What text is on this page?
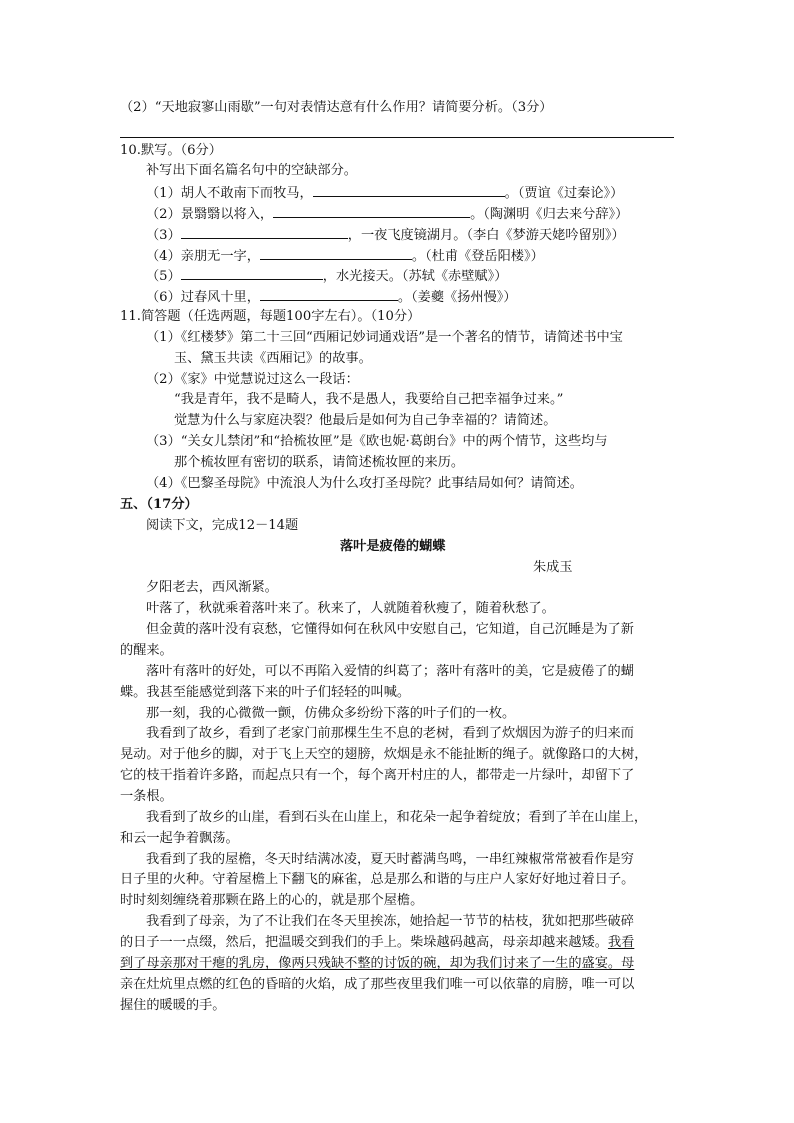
（2）“天地寂寥山雨歇”一句对表情达意有什么作用？请简要分析。（3分）
10.默写。（6分）
补写出下面名篇名句中的空缺部分。
（1）胡人不敢南下而牧马，	。（贾谊《过秦论》）
（2）景翳翳以将入，	。（陶渊明《归去来兮辞》）
（3）	，一夜飞度镜湖月。（李白《梦游天姥吟留别》）
（4）亲朋无一字，	。（杜甫《登岳阳楼》）
（5）	，水光接天。（苏轼《赤壁赋》）
（6）过春风十里，	。（姜夔《扬州慢》）
11.简答题（任选两题，每题100字左右）。（10分）
（1）《红楼梦》第二十三回“西厢记妙词通戏语”是一个著名的情节，请简述书中宝
玉、黛玉共读《西厢记》的故事。
（2）《家》中觉慧说过这么一段话：
“我是青年，我不是畸人，我不是愚人，我要给自己把幸福争过来。”
觉慧为什么与家庭决裂？他最后是如何为自己争幸福的？请简述。
（3）“关女儿禁闭”和“拾梳妆匣”是《欧也妮·葛朗台》中的两个情节，这些均与
那个梳妆匣有密切的联系，请简述梳妆匣的来历。
（4）《巴黎圣母院》中流浪人为什么攻打圣母院？此事结局如何？请简述。
五、（17分）
阅读下文，完成12－14题
落叶是疲倦的蝴蝶
朱成玉
夕阳老去，西风渐紧。
叶落了，秋就乘着落叶来了。秋来了，人就随着秋瘦了，随着秋愁了。
但金黄的落叶没有哀愁，它懂得如何在秋风中安慰自己，它知道，自己沉睡是为了新
的醒来。
落叶有落叶的好处，可以不再陷入爱情的纠葛了；落叶有落叶的美，它是疲倦了的蝴
蝶。我甚至能感觉到落下来的叶子们轻轻的叫喊。
那一刻，我的心微微一颤，仿佛众多纷纷下落的叶子们的一枚。
我看到了故乡，看到了老家门前那棵生生不息的老树，看到了炊烟因为游子的归来而
晃动。对于他乡的脚，对于飞上天空的翅膀，炊烟是永不能扯断的绳子。就像路口的大树，
它的枝干指着许多路，而起点只有一个，每个离开村庄的人，都带走一片绿叶，却留下了
一条根。
我看到了故乡的山崖，看到石头在山崖上，和花朵一起争着绽放；看到了羊在山崖上，
和云一起争着飘荡。
我看到了我的屋檐，冬天时结满冰凌，夏天时蓄满鸟鸣，一串红辣椒常常被看作是穷
日子里的火种。守着屋檐上下翻飞的麻雀，总是那么和谐的与庄户人家好好地过着日子。
时时刻刻缠绕着那颗在路上的心的，就是那个屋檐。
我看到了母亲，为了不让我们在冬天里挨冻，她拾起一节节的枯枝，犹如把那些破碎
的日子一一点缀，然后，把温暖交到我们的手上。柴垛越码越高，母亲却越来越矮。我看
到了母亲那对干瘪的乳房，像两只残缺不整的讨饭的碗，却为我们讨来了一生的盛宴。母
亲在灶炕里点燃的红色的昏暗的火焰，成了那些夜里我们唯一可以依靠的肩膀，唯一可以
握住的暖暖的手。
